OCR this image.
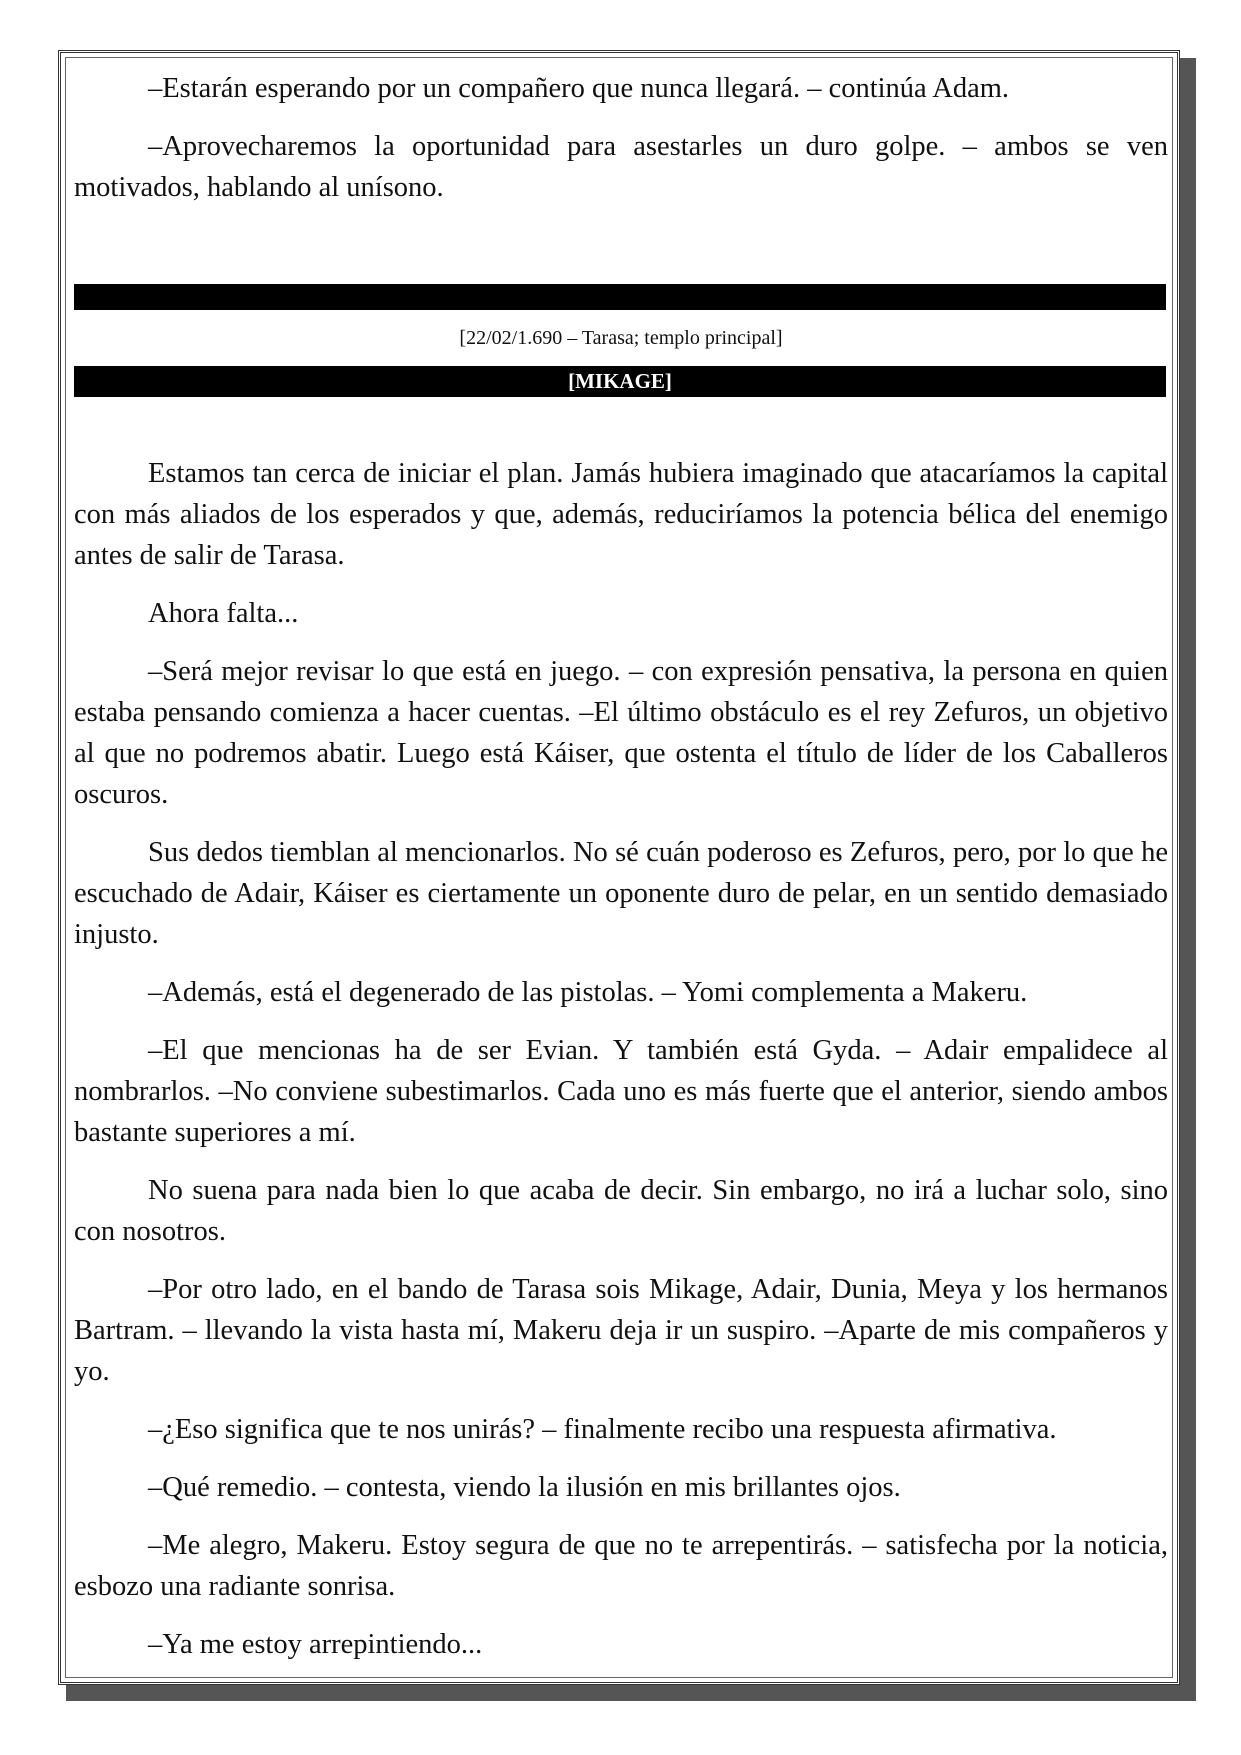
–Estarán esperando por un compañero que nunca llegará. – continúa Adam.

–Aprovecharemos la oportunidad para asestarles un duro golpe. – ambos se ven motivados, hablando al unísono.

[22/02/1.690 – Tarasa; templo principal]

[MIKAGE]

Estamos tan cerca de iniciar el plan. Jamás hubiera imaginado que atacaríamos la capital con más aliados de los esperados y que, además, reduciríamos la potencia bélica del enemigo antes de salir de Tarasa.

Ahora falta...

–Será mejor revisar lo que está en juego. – con expresión pensativa, la persona en quien estaba pensando comienza a hacer cuentas. –El último obstáculo es el rey Zefuros, un objetivo al que no podremos abatir. Luego está Káiser, que ostenta el título de líder de los Caballeros oscuros.

Sus dedos tiemblan al mencionarlos. No sé cuán poderoso es Zefuros, pero, por lo que he escuchado de Adair, Káiser es ciertamente un oponente duro de pelar, en un sentido demasiado injusto.

–Además, está el degenerado de las pistolas. – Yomi complementa a Makeru.

–El que mencionas ha de ser Evian. Y también está Gyda. – Adair empalidece al nombrarlos. –No conviene subestimarlos. Cada uno es más fuerte que el anterior, siendo ambos bastante superiores a mí.

No suena para nada bien lo que acaba de decir. Sin embargo, no irá a luchar solo, sino con nosotros.

–Por otro lado, en el bando de Tarasa sois Mikage, Adair, Dunia, Meya y los hermanos Bartram. – llevando la vista hasta mí, Makeru deja ir un suspiro. –Aparte de mis compañeros y yo.

–¿Eso significa que te nos unirás? – finalmente recibo una respuesta afirmativa.

–Qué remedio. – contesta, viendo la ilusión en mis brillantes ojos.

–Me alegro, Makeru. Estoy segura de que no te arrepentirás. – satisfecha por la noticia, esbozo una radiante sonrisa.

–Ya me estoy arrepintiendo...
